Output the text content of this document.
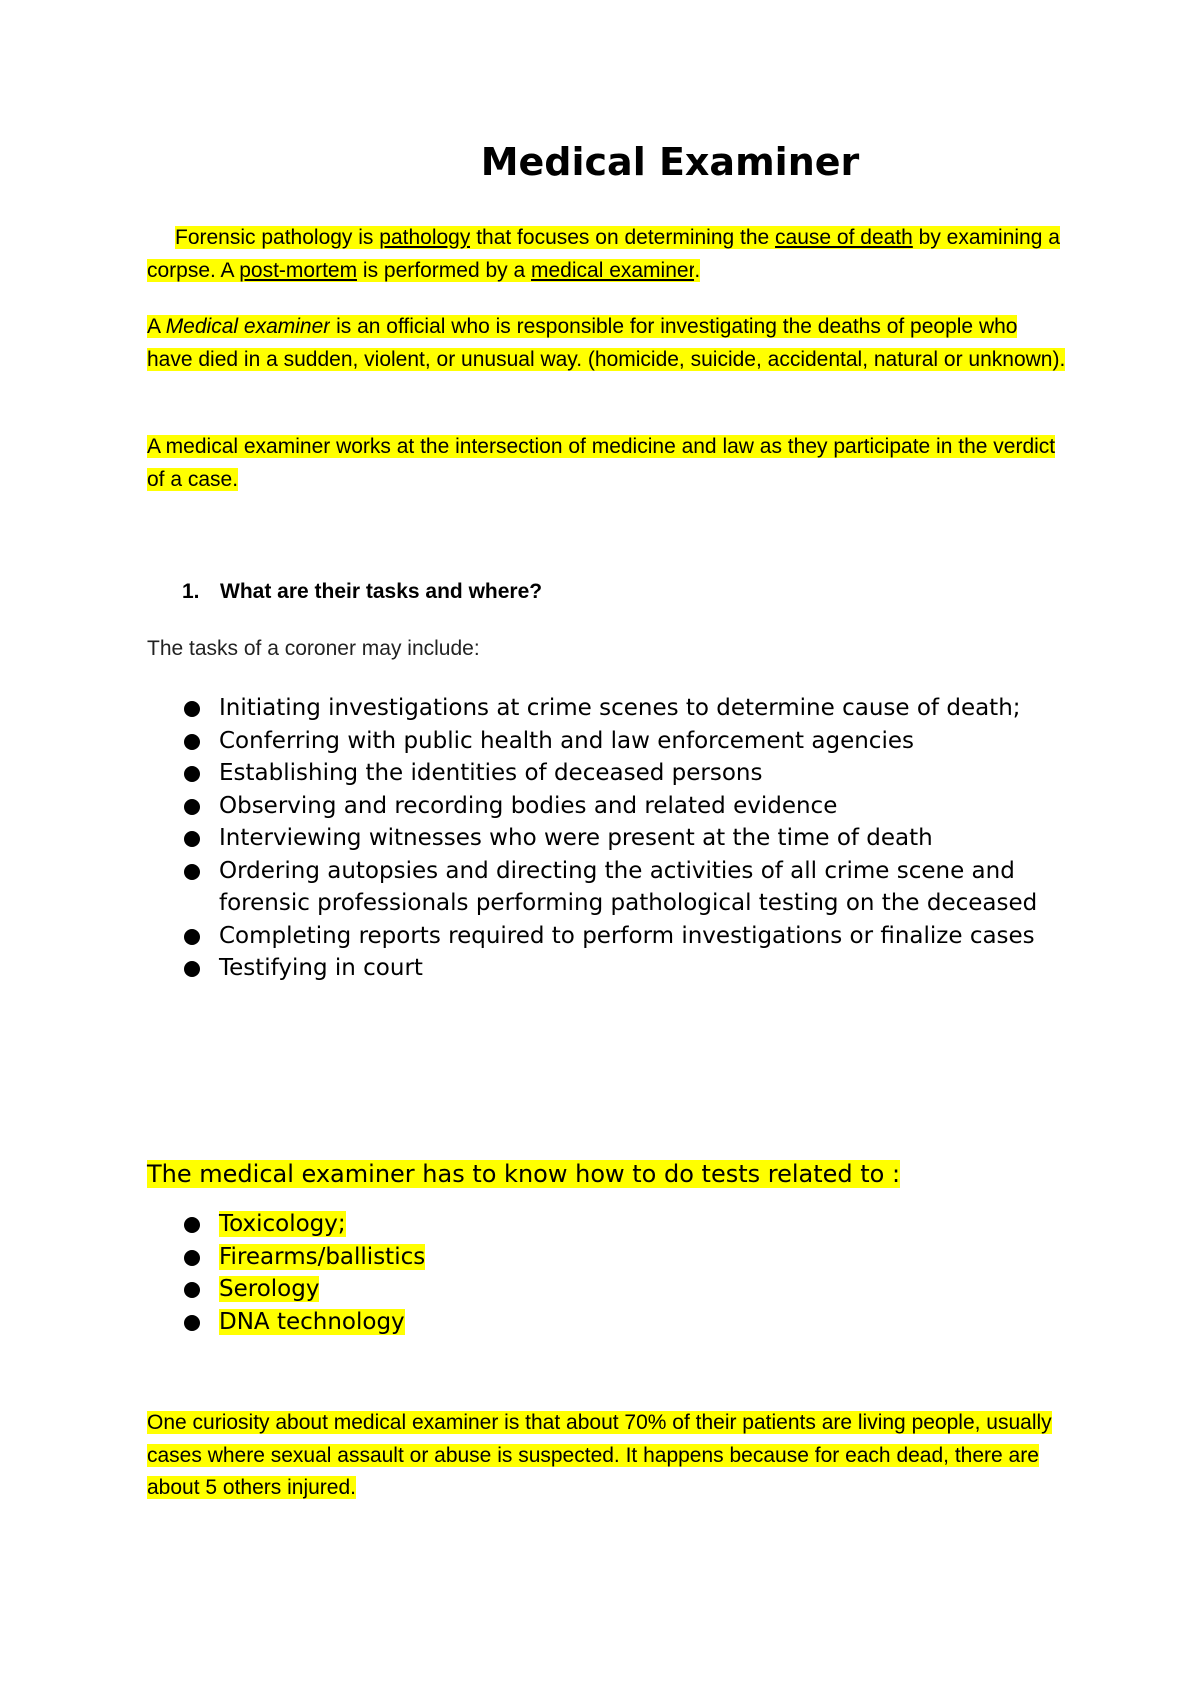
Medical Examiner
Forensic pathology is pathology that focuses on determining the cause of death by examining a corpse. A post-mortem is performed by a medical examiner.
A Medical examiner is an official who is responsible for investigating the deaths of people who have died in a sudden, violent, or unusual way. (homicide, suicide, accidental, natural or unknown).
A medical examiner works at the intersection of medicine and law as they participate in the verdict of a case.
1. What are their tasks and where?
The tasks of a coroner may include:
Initiating investigations at crime scenes to determine cause of death;
Conferring with public health and law enforcement agencies
Establishing the identities of deceased persons
Observing and recording bodies and related evidence
Interviewing witnesses who were present at the time of death
Ordering autopsies and directing the activities of all crime scene and forensic professionals performing pathological testing on the deceased
Completing reports required to perform investigations or finalize cases
Testifying in court
The medical examiner has to know how to do tests related to :
Toxicology;
Firearms/ballistics
Serology
DNA technology
One curiosity about medical examiner is that about 70% of their patients are living people, usually cases where sexual assault or abuse is suspected. It happens because for each dead, there are about 5 others injured.
